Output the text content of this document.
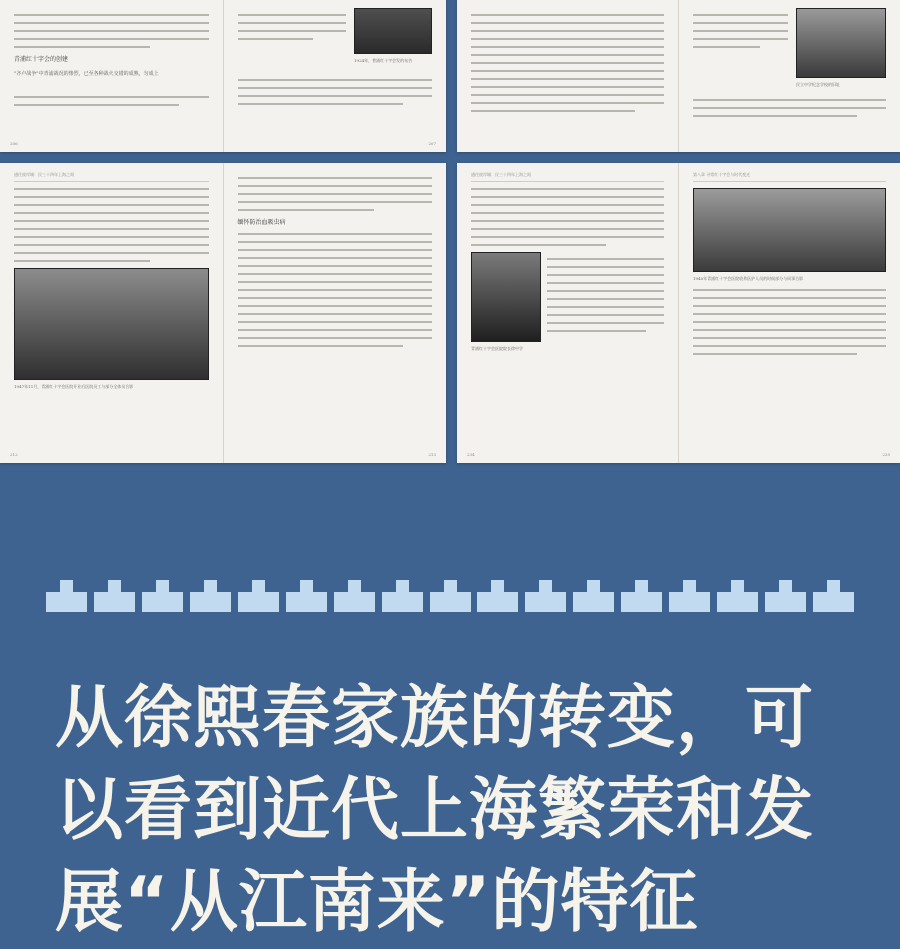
青浦红十字会的创建
"齐卢战争"中青浦战况的惨烈，已至各种战火交错的成熟，匀成上
206
1924年，普浦红十字会发的布告
207
民立中学纪念学校的旧址
通往彼岸城：民三十四年上海之间
1947年11月，青浦红十字会医院开业后医院员工与部分全体员合影
212
缅怀防治血吸虫病
213
通往彼岸城：民三十四年上海之间
青浦红十字会医院院长徐中学
234
第八章 寻常红十字会与时代变迁
1940年青浦红十字会医院收养医护人员的时候部分与同事合影
235
从徐熙春家族的转变，可以看到近代上海繁荣和发展“从江南来”的特征
